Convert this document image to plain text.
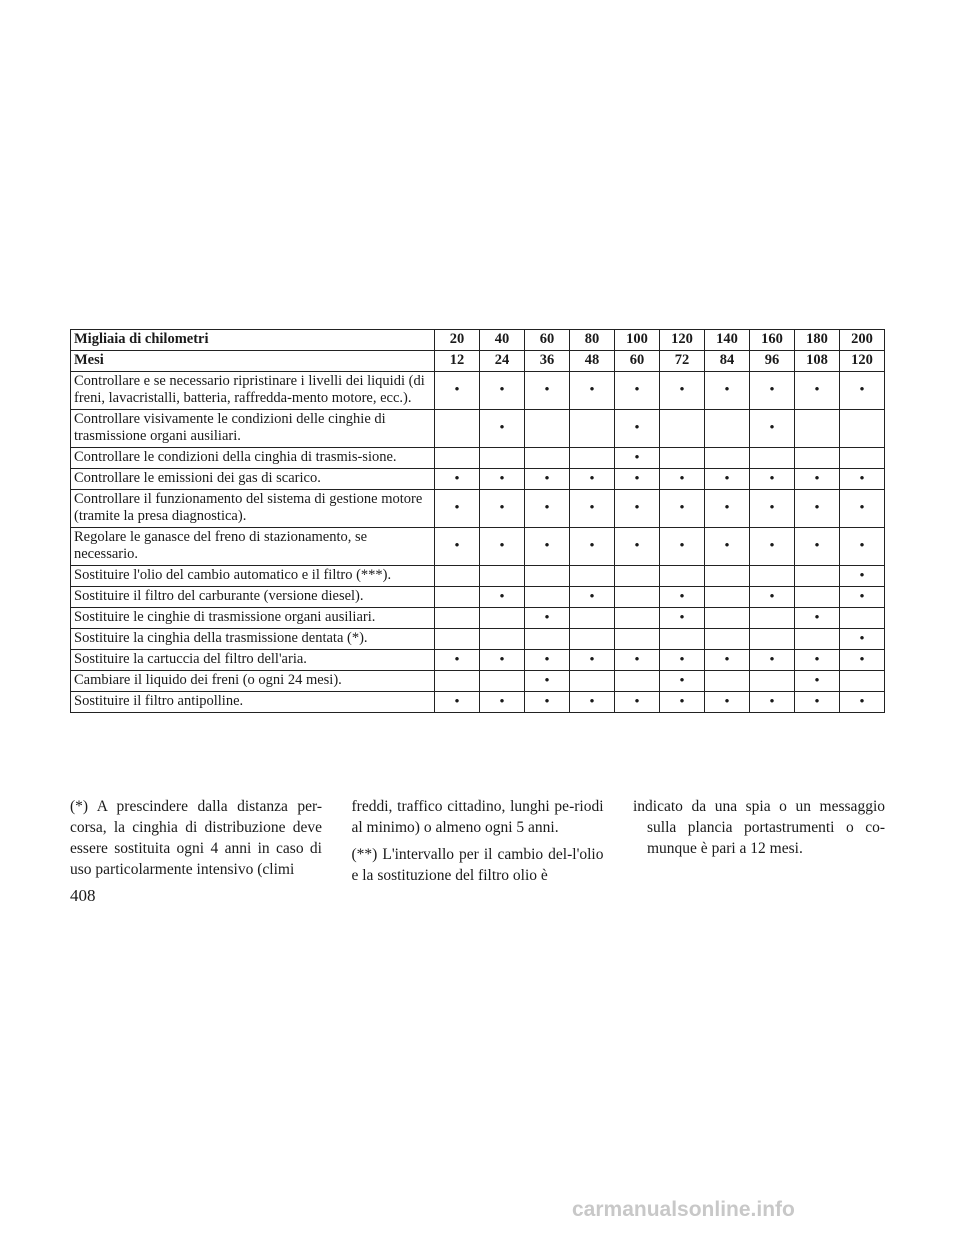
Migliaia di chilometri	20	40	60	80	100	120	140	160	180	200
Mesi	12	24	36	48	60	72	84	96	108	120
Controllare e se necessario ripristinare i livelli dei liquidi (di freni, lavacristalli, batteria, raffredda-mento motore, ecc.).	•	•	•	•	•	•	•	•	•	•
Controllare visivamente le condizioni delle cinghie di trasmissione organi ausiliari.		•			•			•		
Controllare le condizioni della cinghia di trasmis-sione.					•					
Controllare le emissioni dei gas di scarico.	•	•	•	•	•	•	•	•	•	•
Controllare il funzionamento del sistema di gestione motore (tramite la presa diagnostica).	•	•	•	•	•	•	•	•	•	•
Regolare le ganasce del freno di stazionamento, se necessario.	•	•	•	•	•	•	•	•	•	•
Sostituire l'olio del cambio automatico e il filtro (***).										•
Sostituire il filtro del carburante (versione diesel).		•		•		•		•		•
Sostituire le cinghie di trasmissione organi ausiliari.			•			•			•	
Sostituire la cinghia della trasmissione dentata (*).										•
Sostituire la cartuccia del filtro dell'aria.	•	•	•	•	•	•	•	•	•	•
Cambiare il liquido dei freni (o ogni 24 mesi).			•			•			•	
Sostituire il filtro antipolline.	•	•	•	•	•	•	•	•	•	•

(*) A prescindere dalla distanza per-corsa, la cinghia di distribuzione deve essere sostituita ogni 4 anni in caso di uso particolarmente intensivo (climi

freddi, traffico cittadino, lunghi pe-riodi al minimo) o almeno ogni 5 anni.

(**) L'intervallo per il cambio del-l'olio e la sostituzione del filtro olio è

indicato da una spia o un messaggio sulla plancia portastrumenti o co-munque è pari a 12 mesi.

408
carmanualsonline.info
